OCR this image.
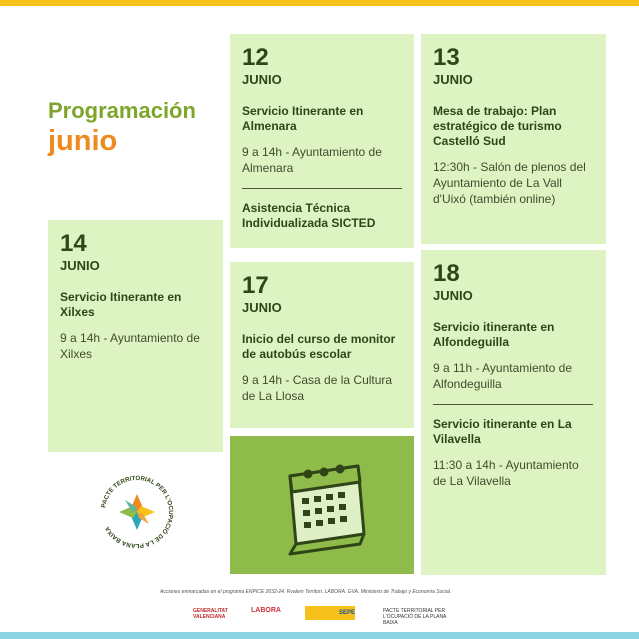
Programación
junio
12
JUNIO
Servicio Itinerante en Almenara
9 a 14h - Ayuntamiento de Almenara
Asistencia Técnica Individualizada SICTED
13
JUNIO
Mesa de trabajo: Plan estratégico de turismo Castelló Sud
12:30h - Salón de plenos del Ayuntamiento de La Vall d'Uixó (también online)
14
JUNIO
Servicio Itinerante en Xilxes
9 a 14h - Ayuntamiento de Xilxes
17
JUNIO
Inicio del curso de monitor de autobús escolar
9 a 14h - Casa de la Cultura de La Llosa
18
JUNIO
Servicio itinerante en Alfondeguilla
9 a 11h - Ayuntamiento de Alfondeguilla
Servicio itinerante en La Vilavella
11:30 a 14h - Ayuntamiento de La Vilavella
PACTE TERRITORIAL PER L'OCUPACIÓ DE LA PLANA BAIXA
Acciones enmarcadas en el programa ENPICE 2032-24. Rvalem Territori. LABORA. GVA. Ministerio de Trabajo y Economía Social.
GENERALITAT VALENCIANA
LABORA	SEPE	PACTE TERRITORIAL PER L'OCUPACIÓ DE LA PLANA BAIXA
